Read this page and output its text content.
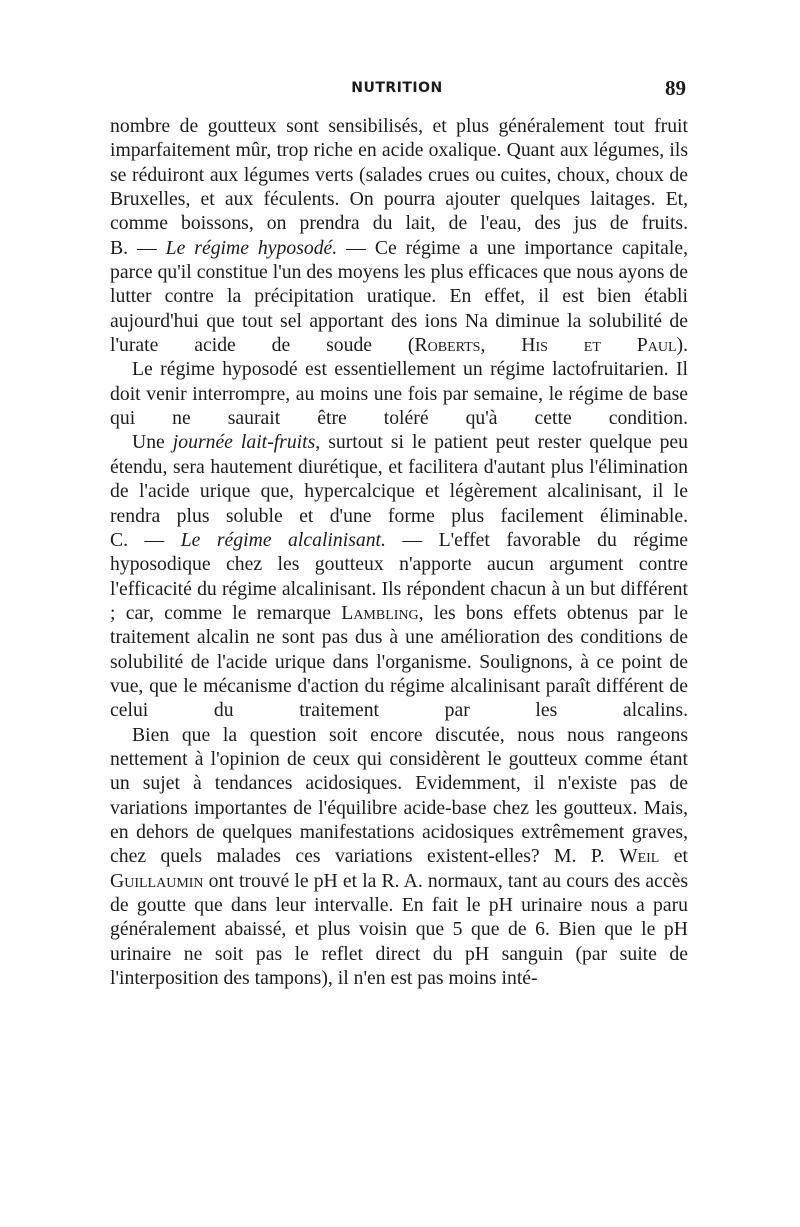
NUTRITION	89

nombre de goutteux sont sensibilisés, et plus généralement tout fruit imparfaitement mûr, trop riche en acide oxalique. Quant aux légumes, ils se réduiront aux légumes verts (salades crues ou cuites, choux, choux de Bruxelles, et aux féculents. On pourra ajouter quelques laitages. Et, comme boissons, on prendra du lait, de l'eau, des jus de fruits.

B. — Le régime hyposodé. — Ce régime a une importance capitale, parce qu'il constitue l'un des moyens les plus efficaces que nous ayons de lutter contre la précipitation uratique. En effet, il est bien établi aujourd'hui que tout sel apportant des ions Na diminue la solubilité de l'urate acide de soude (Roberts, His et Paul).

Le régime hyposodé est essentiellement un régime lactofruitarien. Il doit venir interrompre, au moins une fois par semaine, le régime de base qui ne saurait être toléré qu'à cette condition.

Une journée lait-fruits, surtout si le patient peut rester quelque peu étendu, sera hautement diurétique, et facilitera d'autant plus l'élimination de l'acide urique que, hypercalcique et légèrement alcalinisant, il le rendra plus soluble et d'une forme plus facilement éliminable.

C. — Le régime alcalinisant. — L'effet favorable du régime hyposodique chez les goutteux n'apporte aucun argument contre l'efficacité du régime alcalinisant. Ils répondent chacun à un but différent ; car, comme le remarque Lambling, les bons effets obtenus par le traitement alcalin ne sont pas dus à une amélioration des conditions de solubilité de l'acide urique dans l'organisme. Soulignons, à ce point de vue, que le mécanisme d'action du régime alcalinisant paraît différent de celui du traitement par les alcalins.

Bien que la question soit encore discutée, nous nous rangeons nettement à l'opinion de ceux qui considèrent le goutteux comme étant un sujet à tendances acidosiques. Evidemment, il n'existe pas de variations importantes de l'équilibre acide-base chez les goutteux. Mais, en dehors de quelques manifestations acidosiques extrêmement graves, chez quels malades ces variations existent-elles? M. P. Weil et Guillaumin ont trouvé le pH et la R. A. normaux, tant au cours des accès de goutte que dans leur intervalle. En fait le pH urinaire nous a paru généralement abaissé, et plus voisin que 5 que de 6. Bien que le pH urinaire ne soit pas le reflet direct du pH sanguin (par suite de l'interposition des tampons), il n'en est pas moins inté-
